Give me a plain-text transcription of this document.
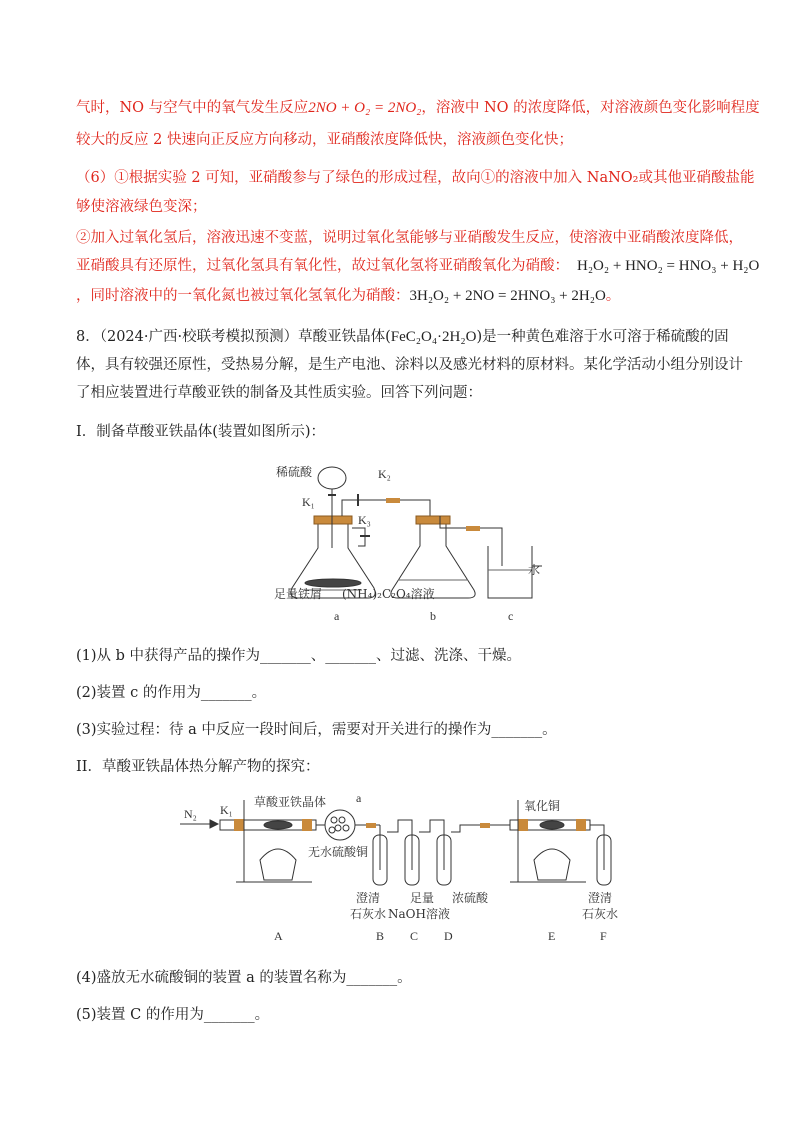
气时，NO 与空气中的氧气发生反应2NO + O₂ = 2NO₂，溶液中 NO 的浓度降低，对溶液颜色变化影响程度
较大的反应 2 快速向正反应方向移动，亚硝酸浓度降低快，溶液颜色变化快；
（6）①根据实验 2 可知，亚硝酸参与了绿色的形成过程，故向①的溶液中加入 NaNO₂或其他亚硝酸盐能
够使溶液绿色变深；
②加入过氧化氢后，溶液迅速不变蓝，说明过氧化氢能够与亚硝酸发生反应，使溶液中亚硝酸浓度降低，
亚硝酸具有还原性，过氧化氢具有氧化性，故过氧化氢将亚硝酸氧化为硝酸： H₂O₂ + HNO₂ = HNO₃ + H₂O
，同时溶液中的一氧化氮也被过氧化氢氧化为硝酸：3H₂O₂ + 2NO = 2HNO₃ + 2H₂O。
8．（2024·广西·校联考模拟预测）草酸亚铁晶体(FeC₂O₄·2H₂O)是一种黄色难溶于水可溶于稀硫酸的固
体，具有较强还原性，受热易分解，是生产电池、涂料以及感光材料的原材料。某化学活动小组分别设计
了相应装置进行草酸亚铁的制备及其性质实验。回答下列问题：
I．制备草酸亚铁晶体(装置如图所示)：
稀硫酸
K₁
K₂
K₃
足量铁屑 (NH₄)₂C₂O₄溶液
水
a	b	c
(1)从 b 中获得产品的操作为_______、_______、过滤、洗涤、干燥。
(2)装置 c 的作用为_______。
(3)实验过程：待 a 中反应一段时间后，需要对开关进行的操作为_______。
II．草酸亚铁晶体热分解产物的探究：
N₂ K₁
草酸亚铁晶体 a
无水硫酸铜
氧化铜
澄清
石灰水
足量
NaOH溶液
浓硫酸	澄清
石灰水
A	B C D	E	F
(4)盛放无水硫酸铜的装置 a 的装置名称为_______。
(5)装置 C 的作用为_______。
